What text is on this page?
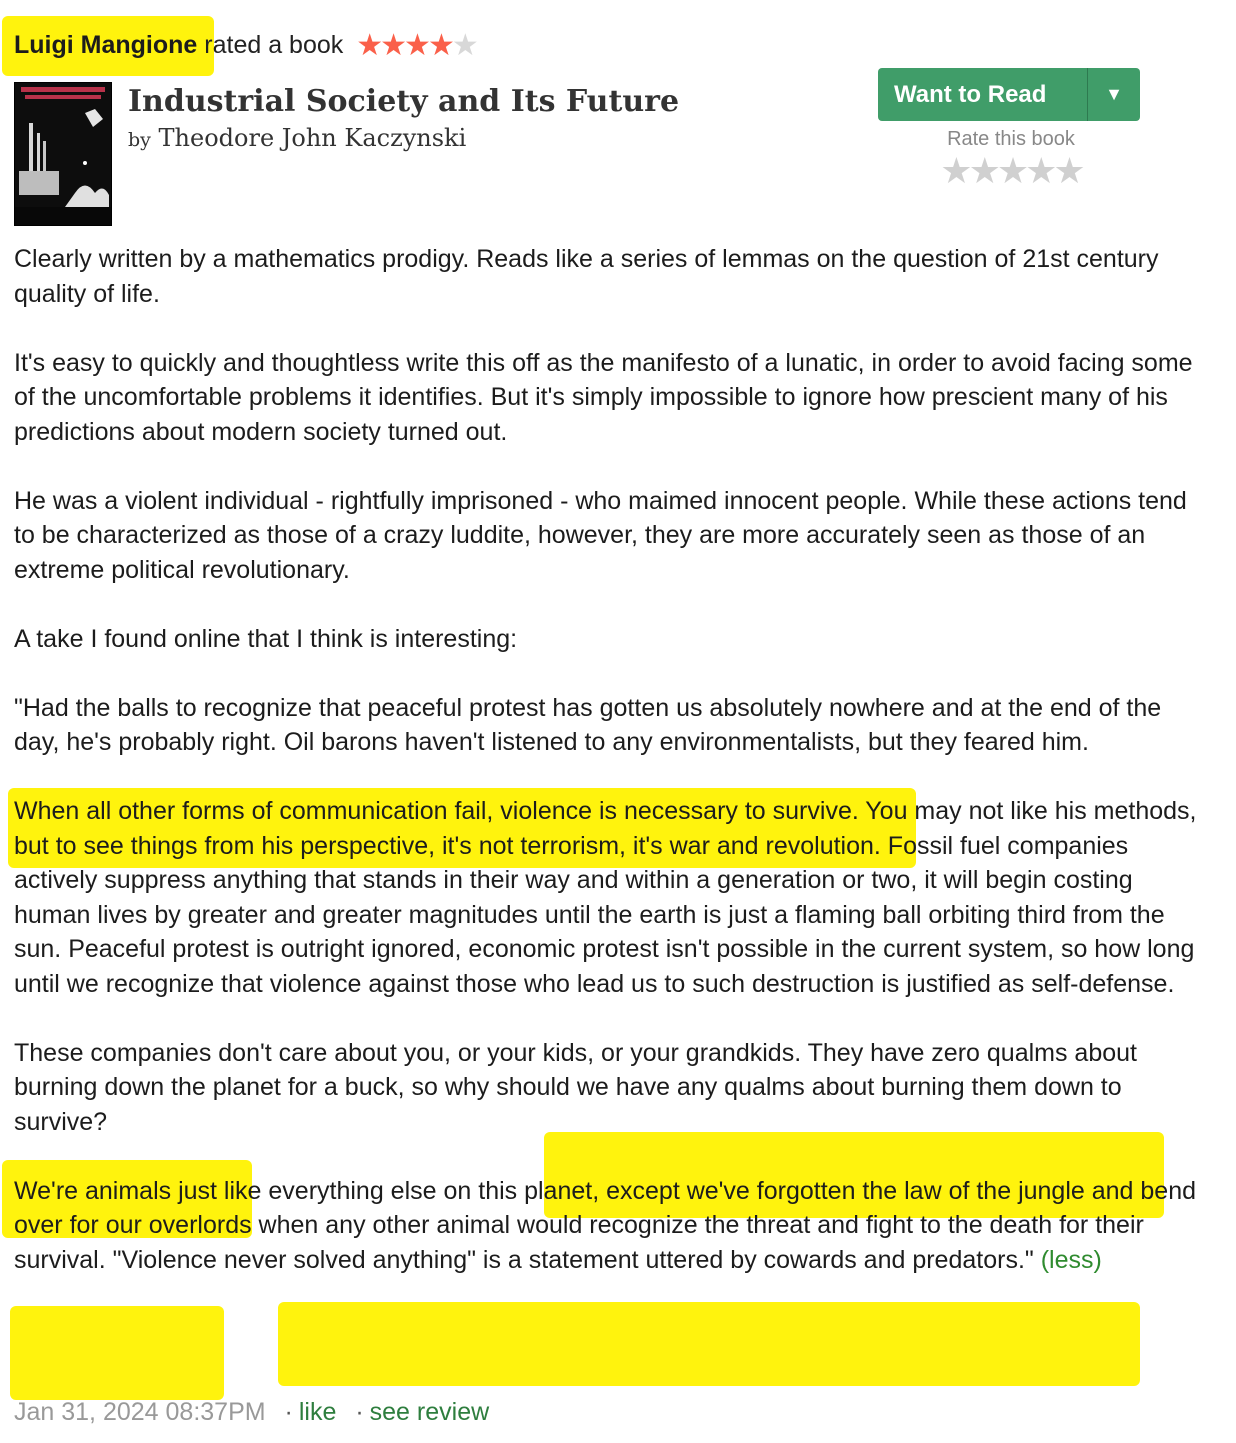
Luigi Mangione rated a book ★★★★★
Industrial Society and Its Future
by Theodore John Kaczynski
Want to Read	▼
Rate this book
★★★★★

Clearly written by a mathematics prodigy. Reads like a series of lemmas on the question of 21st century quality of life.

It's easy to quickly and thoughtless write this off as the manifesto of a lunatic, in order to avoid facing some of the uncomfortable problems it identifies. But it's simply impossible to ignore how prescient many of his predictions about modern society turned out.

He was a violent individual - rightfully imprisoned - who maimed innocent people. While these actions tend to be characterized as those of a crazy luddite, however, they are more accurately seen as those of an extreme political revolutionary.

A take I found online that I think is interesting:

"Had the balls to recognize that peaceful protest has gotten us absolutely nowhere and at the end of the day, he's probably right. Oil barons haven't listened to any environmentalists, but they feared him.

When all other forms of communication fail, violence is necessary to survive. You may not like his methods, but to see things from his perspective, it's not terrorism, it's war and revolution. Fossil fuel companies actively suppress anything that stands in their way and within a generation or two, it will begin costing human lives by greater and greater magnitudes until the earth is just a flaming ball orbiting third from the sun. Peaceful protest is outright ignored, economic protest isn't possible in the current system, so how long until we recognize that violence against those who lead us to such destruction is justified as self-defense.

These companies don't care about you, or your kids, or your grandkids. They have zero qualms about burning down the planet for a buck, so why should we have any qualms about burning them down to survive?

We're animals just like everything else on this planet, except we've forgotten the law of the jungle and bend over for our overlords when any other animal would recognize the threat and fight to the death for their survival. "Violence never solved anything" is a statement uttered by cowards and predators." (less)

Jan 31, 2024 08:37PM · like · see review
